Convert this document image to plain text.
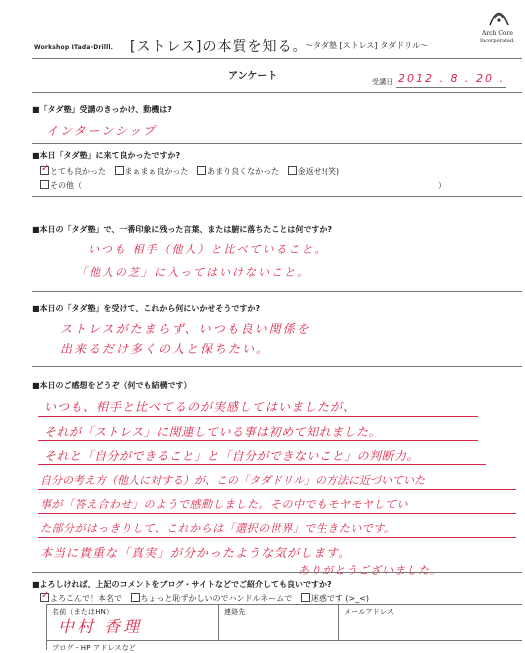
Workshop ITada-Drilll. [ストレス]の本質を知る。
〜タダ塾 [ストレス] タダドリル〜
Arch Core
Incorporated.
アンケート	受講日 2012 . 8 . 20 .
■「タダ塾」受講のきっかけ、動機は?
インターンシップ
■本日「タダ塾」に来て良かったですか?
✓ とても良かった まぁまぁ良かった あまり良くなかった 金返せ!(笑)
その他（	）
■本日の「タダ塾」で、一番印象に残った言葉、または腑に落ちたことは何ですか?
いつも 相手（他人）と比べていること。
「他人の芝」に入ってはいけないこと。
■本日の「タダ塾」を受けて、これから何にいかせそうですか?
ストレスがたまらず、いつも良い関係を
出来るだけ多くの人と保ちたい。
■本日のご感想をどうぞ（何でも結構です）
いつも、相手と比べてるのが実感してはいましたが、
それが「ストレス」に関連している事は初めて知れました。
それと「自分ができること」と「自分ができないこと」の判断力。
自分の考え方（他人に対する）が、この「タダドリル」の方法に近づいていた
事が「答え合わせ」のようで感動しました。その中でもモヤモヤしてい
た部分がはっきりして、これからは「選択の世界」で生きたいです。
本当に貴重な「真実」が分かったような気がします。
ありがとうございました。
■よろしければ、上記のコメントをブログ・サイトなどでご紹介しても良いですか?
✓ よろこんで！本名で ちょっと恥ずかしいのでハンドルネームで 迷惑です (>_<)
名前（またはHN）
中村 香理
連絡先	メールアドレス
ブログ・HP アドレスなど
